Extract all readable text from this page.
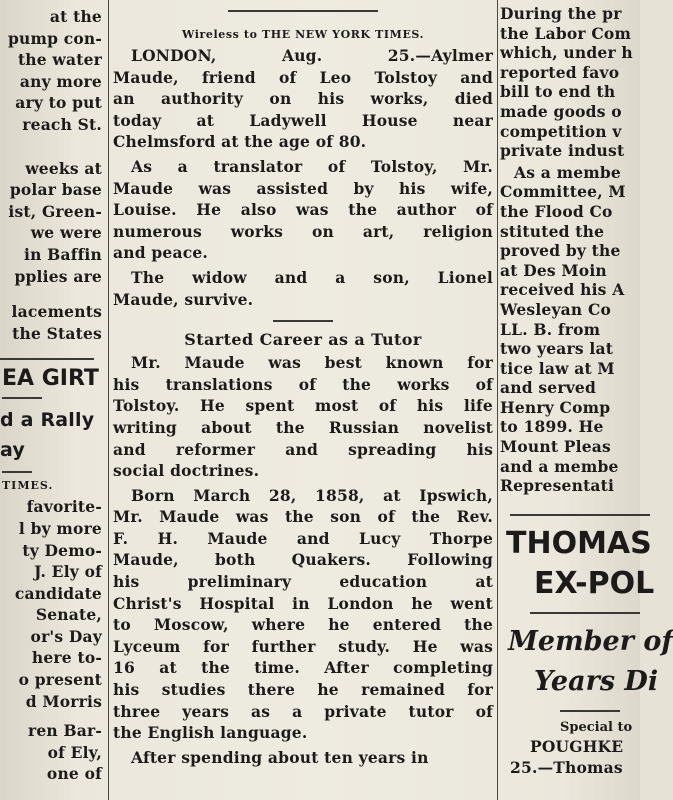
at the
pump con-
the water
any more
ary to put
reach St.
weeks at
polar base
ist, Green-
we were
in Baffin
pplies are
lacements
the States
EA GIRT
d a Rally
ay
TIMES.
favorite-
l by more
ty Demo-
J. Ely of
candidate
Senate,
or's Day
here to-
o present
d Morris
ren Bar-
of Ely,
one of
Wireless to THE NEW YORK TIMES.
LONDON, Aug. 25.—Aylmer
Maude, friend of Leo Tolstoy and
an authority on his works, died
today at Ladywell House near
Chelmsford at the age of 80.
As a translator of Tolstoy, Mr.
Maude was assisted by his wife,
Louise. He also was the author of
numerous works on art, religion
and peace.
The widow and a son, Lionel
Maude, survive.
Started Career as a Tutor
Mr. Maude was best known for
his translations of the works of
Tolstoy. He spent most of his life
writing about the Russian novelist
and reformer and spreading his
social doctrines.
Born March 28, 1858, at Ipswich,
Mr. Maude was the son of the Rev.
F. H. Maude and Lucy Thorpe
Maude, both Quakers. Following
his preliminary education at
Christ's Hospital in London he went
to Moscow, where he entered the
Lyceum for further study. He was
16 at the time. After completing
his studies there he remained for
three years as a private tutor of
the English language.
After spending about ten years in
During the pr
the Labor Com
which, under h
reported favo
bill to end th
made goods o
competition v
private indust
As a membe
Committee, M
the Flood Co
stituted the
proved by the
at Des Moin
received his A
Wesleyan Co
LL. B. from
two years lat
tice law at M
and served
Henry Comp
to 1899. He
Mount Pleas
and a membe
Representati
THOMAS
EX-POL
Member of
Years Di
Special to
POUGHKE
25.—Thomas
